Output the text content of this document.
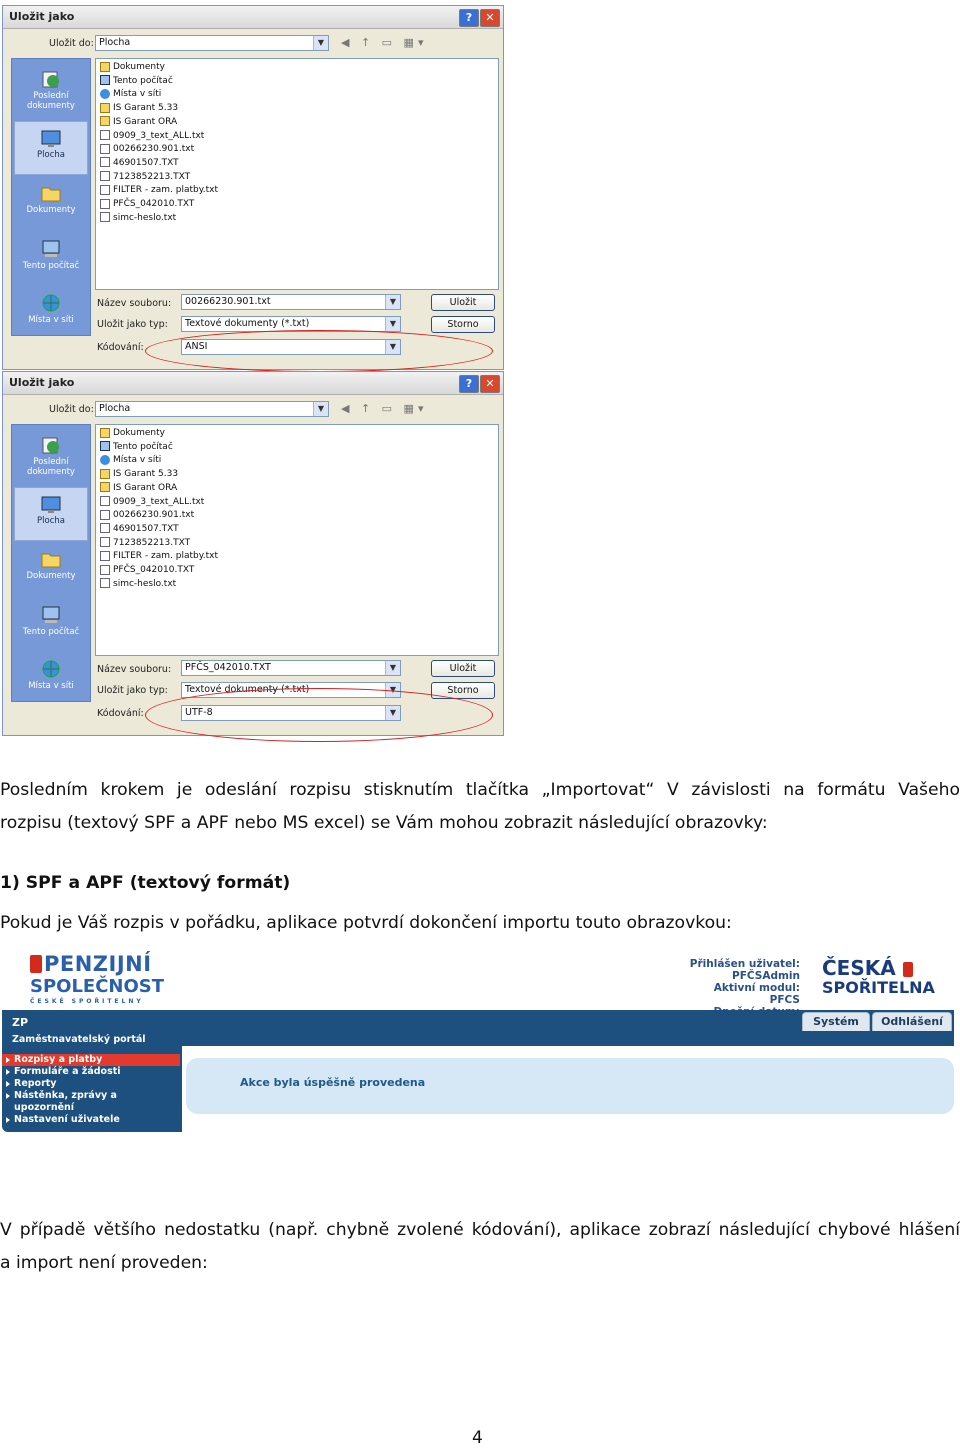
Uložit jako	?	✕
Uložit do: Plocha	▼	◀ ↑ ▭ ▦▾
Poslední dokumenty
Plocha
Dokumenty
Tento počítač
Místa v síti
Dokumenty
Tento počítač
Místa v síti
IS Garant 5.33
IS Garant ORA
0909_3_text_ALL.txt
00266230.901.txt
46901507.TXT
7123852213.TXT
FILTER - zam. platby.txt
PFČS_042010.TXT
simc-heslo.txt
Název souboru:	00266230.901.txt	▼
Uložit jako typ:	Textové dokumenty (*.txt)	▼
Kódování:	ANSI	▼
Uložit
Storno
Uložit jako	?	✕
Uložit do: Plocha	▼	◀ ↑ ▭ ▦▾
Poslední dokumenty
Plocha
Dokumenty
Tento počítač
Místa v síti
Dokumenty
Tento počítač
Místa v síti
IS Garant 5.33
IS Garant ORA
0909_3_text_ALL.txt
00266230.901.txt
46901507.TXT
7123852213.TXT
FILTER - zam. platby.txt
PFČS_042010.TXT
simc-heslo.txt
Název souboru:	PFČS_042010.TXT	▼
Uložit jako typ:	Textové dokumenty (*.txt)	▼
Kódování:	UTF-8	▼
Uložit
Storno
Posledním krokem je odeslání rozpisu stisknutím tlačítka „Importovat“ V závislosti na formátu Vašeho
rozpisu (textový SPF a APF nebo MS excel) se Vám mohou zobrazit následující obrazovky:
1) SPF a APF (textový formát)
Pokud je Váš rozpis v pořádku, aplikace potvrdí dokončení importu touto obrazovkou:
PENZIJNÍ
SPOLEČNOST
ČESKÉ SPOŘITELNY
Přihlášen uživatel:
PFČSAdmin
Aktivní modul:
PFCS
ČESKÁ
SPOŘITELNA
ZP
Zaměstnavatelský portál
Systém	Odhlášení
Rozpisy a platby
Formuláře a žádosti
Reporty
Nástěnka, zprávy a
upozornění
Nastavení uživatele
Akce byla úspěšně provedena
V případě většího nedostatku (např. chybně zvolené kódování), aplikace zobrazí následující chybové hlášení
a import není proveden:
4
